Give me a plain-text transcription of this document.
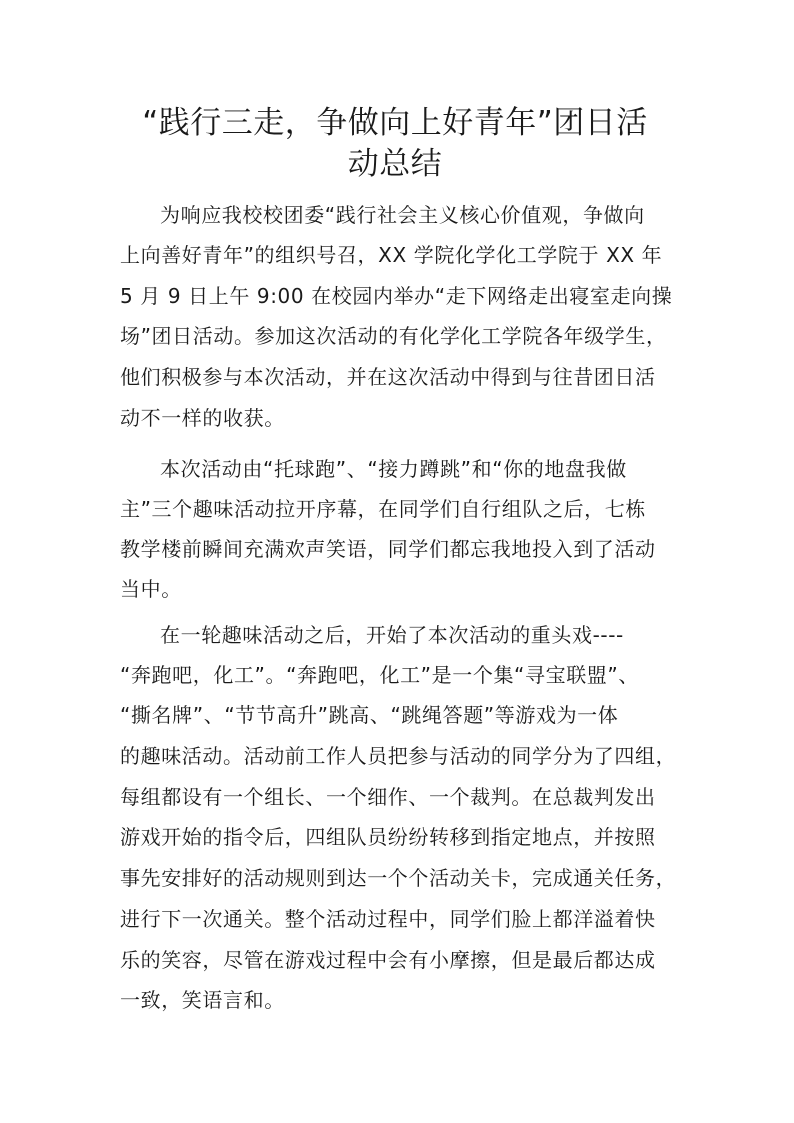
“践行三走，争做向上好青年”团日活
动总结
为响应我校校团委“践行社会主义核心价值观，争做向
上向善好青年”的组织号召，XX 学院化学化工学院于 XX 年
5 月 9 日上午 9:00 在校园内举办“走下网络走出寝室走向操
场”团日活动。参加这次活动的有化学化工学院各年级学生，
他们积极参与本次活动，并在这次活动中得到与往昔团日活
动不一样的收获。
本次活动由“托球跑”、“接力蹲跳”和“你的地盘我做
主”三个趣味活动拉开序幕，在同学们自行组队之后，七栋
教学楼前瞬间充满欢声笑语，同学们都忘我地投入到了活动
当中。
在一轮趣味活动之后，开始了本次活动的重头戏----
“奔跑吧，化工”。“奔跑吧，化工”是一个集“寻宝联盟”、
“撕名牌”、“节节高升”跳高、“跳绳答题”等游戏为一体
的趣味活动。活动前工作人员把参与活动的同学分为了四组，
每组都设有一个组长、一个细作、一个裁判。在总裁判发出
游戏开始的指令后，四组队员纷纷转移到指定地点，并按照
事先安排好的活动规则到达一个个活动关卡，完成通关任务，
进行下一次通关。整个活动过程中，同学们脸上都洋溢着快
乐的笑容，尽管在游戏过程中会有小摩擦，但是最后都达成
一致，笑语言和。
